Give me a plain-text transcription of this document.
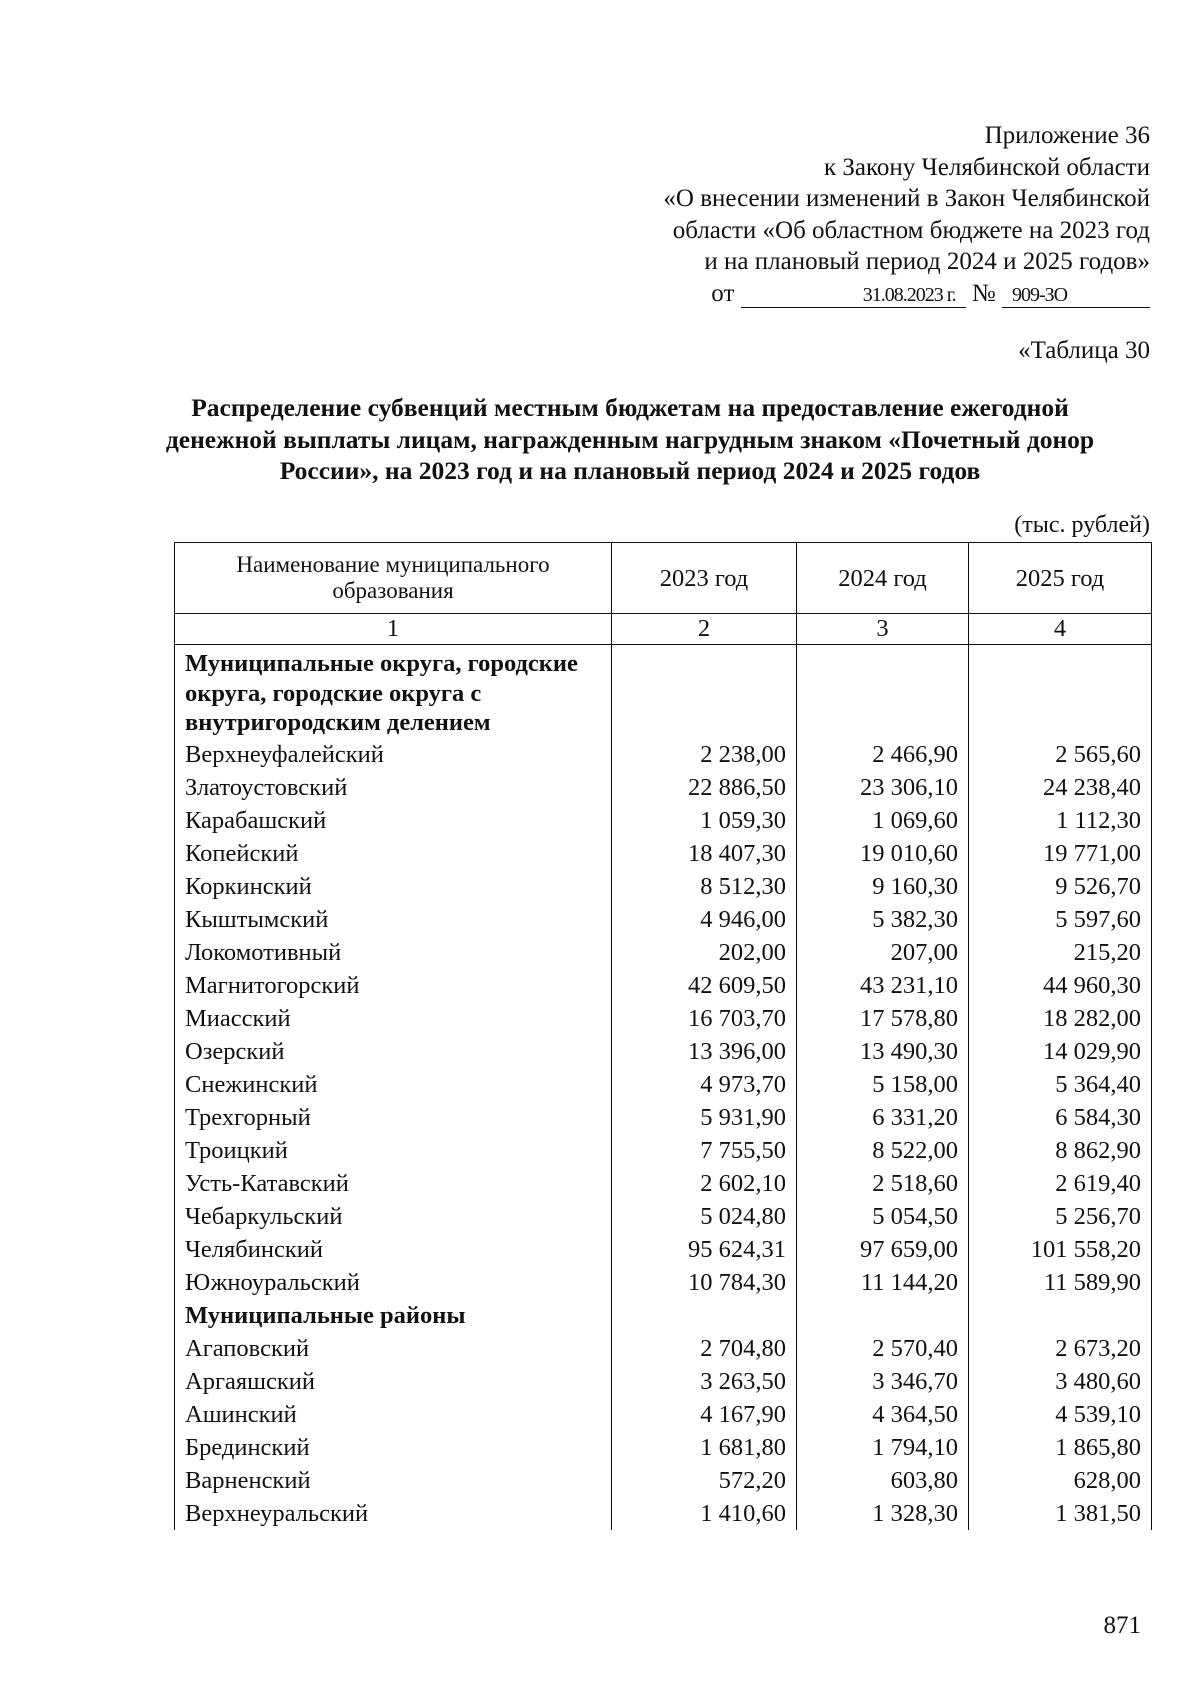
Приложение 36
к Закону Челябинской области
«О внесении изменений в Закон Челябинской
области «Об областном бюджете на 2023 год
и на плановый период 2024 и 2025 годов»
от	31.08.2023 г. № 909-ЗО
«Таблица 30
Распределение субвенций местным бюджетам на предоставление ежегодной
денежной выплаты лицам, награжденным нагрудным знаком «Почетный донор
России», на 2023 год и на плановый период 2024 и 2025 годов
(тыс. рублей)
Наименование муниципального образования	2023 год	2024 год	2025 год
1	2	3	4
Муниципальные округа, городские округа, городские округа с внутригородским делением			
Верхнеуфалейский	2 238,00	2 466,90	2 565,60
Златоустовский	22 886,50	23 306,10	24 238,40
Карабашский	1 059,30	1 069,60	1 112,30
Копейский	18 407,30	19 010,60	19 771,00
Коркинский	8 512,30	9 160,30	9 526,70
Кыштымский	4 946,00	5 382,30	5 597,60
Локомотивный	202,00	207,00	215,20
Магнитогорский	42 609,50	43 231,10	44 960,30
Миасский	16 703,70	17 578,80	18 282,00
Озерский	13 396,00	13 490,30	14 029,90
Снежинский	4 973,70	5 158,00	5 364,40
Трехгорный	5 931,90	6 331,20	6 584,30
Троицкий	7 755,50	8 522,00	8 862,90
Усть-Катавский	2 602,10	2 518,60	2 619,40
Чебаркульский	5 024,80	5 054,50	5 256,70
Челябинский	95 624,31	97 659,00	101 558,20
Южноуральский	10 784,30	11 144,20	11 589,90
Муниципальные районы			
Агаповский	2 704,80	2 570,40	2 673,20
Аргаяшский	3 263,50	3 346,70	3 480,60
Ашинский	4 167,90	4 364,50	4 539,10
Брединский	1 681,80	1 794,10	1 865,80
Варненский	572,20	603,80	628,00
Верхнеуральский	1 410,60	1 328,30	1 381,50
871
